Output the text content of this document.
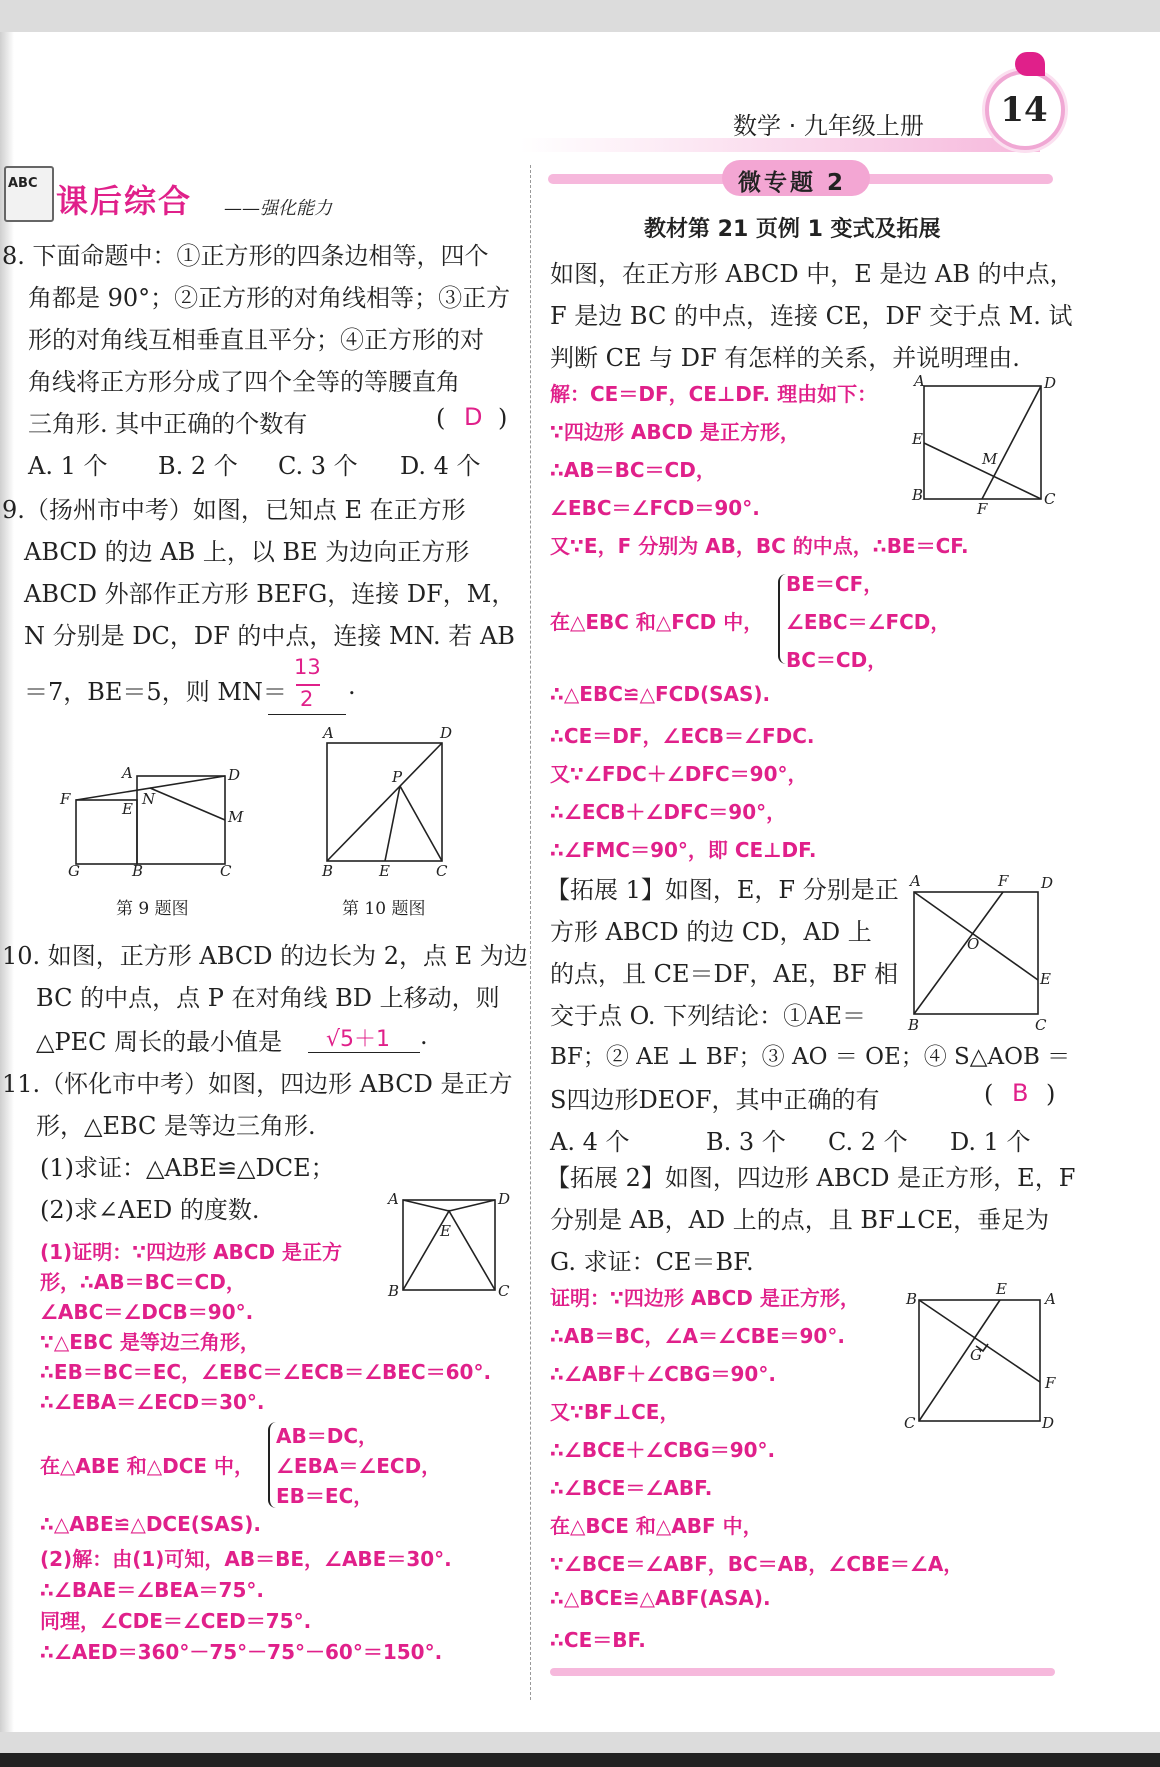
数学 · 九年级上册 14
ABC 课后综合 ——强化能力
8. 下面命题中：①正方形的四条边相等，四个
角都是 90°；②正方形的对角线相等；③正方
形的对角线互相垂直且平分；④正方形的对
角线将正方形分成了四个全等的等腰直角
三角形. 其中正确的个数有	( D )
A. 1 个 B. 2 个 C. 3 个 D. 4 个
9.（扬州市中考）如图，已知点 E 在正方形
ABCD 的边 AB 上，以 BE 为边向正方形
ABCD 外部作正方形 BEFG，连接 DF，M，
N 分别是 DC，DF 的中点，连接 MN. 若 AB
＝7，BE＝5，则 MN＝
13
2 .
A	D
F
E
N
M
G	B	C
第 9 题图
A	D
P
B	E	C
第 10 题图
10. 如图，正方形 ABCD 的边长为 2，点 E 为边
BC 的中点，点 P 在对角线 BD 上移动，则
△PEC 周长的最小值是 √5＋1 .
11.（怀化市中考）如图，四边形 ABCD 是正方
形，△EBC 是等边三角形.
(1)求证：△ABE≌△DCE；
(2)求∠AED 的度数.	A	D
E
B	C
(1)证明：∵四边形 ABCD 是正方
形，∴AB＝BC＝CD，
∠ABC＝∠DCB＝90°.
∵△EBC 是等边三角形，
∴EB＝BC＝EC，∠EBC＝∠ECB＝∠BEC＝60°.
∴∠EBA＝∠ECD＝30°.
在△ABE 和△DCE 中，
AB＝DC，
∠EBA＝∠ECD，
EB＝EC，
∴△ABE≌△DCE(SAS).
(2)解：由(1)可知，AB＝BE，∠ABE＝30°.
∴∠BAE＝∠BEA＝75°.
同理，∠CDE＝∠CED＝75°.
∴∠AED＝360°－75°－75°－60°＝150°.
微专题 2
教材第 21 页例 1 变式及拓展
如图，在正方形 ABCD 中，E 是边 AB 的中点，
F 是边 BC 的中点，连接 CE，DF 交于点 M. 试
判断 CE 与 DF 有怎样的关系，并说明理由.
解：CE＝DF，CE⊥DF. 理由如下：
∵四边形 ABCD 是正方形，
∴AB＝BC＝CD，
∠EBC＝∠FCD＝90°.
又∵E，F 分别为 AB，BC 的中点，∴BE＝CF.
A	D
E
M
B
F
C
在△EBC 和△FCD 中，
BE＝CF，
∠EBC＝∠FCD，
BC＝CD，
∴△EBC≌△FCD(SAS).
∴CE＝DF，∠ECB＝∠FDC.
又∵∠FDC＋∠DFC＝90°，
∴∠ECB＋∠DFC＝90°，
∴∠FMC＝90°，即 CE⊥DF.
【拓展 1】如图，E，F 分别是正
方形 ABCD 的边 CD，AD 上
的点，且 CE＝DF，AE，BF 相
交于点 O. 下列结论：①AE＝
BF；② AE ⊥ BF；③ AO ＝ OE；④ S△AOB ＝
S四边形DEOF，其中正确的有	( B )
A. 4 个	B. 3 个 C. 2 个 D. 1 个
A	F D
O
E
B	C
【拓展 2】如图，四边形 ABCD 是正方形，E，F
分别是 AB，AD 上的点，且 BF⊥CE，垂足为
G. 求证：CE＝BF.
B
E
A
G
F
C	D
证明：∵四边形 ABCD 是正方形，
∴AB＝BC，∠A＝∠CBE＝90°.
∴∠ABF＋∠CBG＝90°.
又∵BF⊥CE，
∴∠BCE＋∠CBG＝90°.
∴∠BCE＝∠ABF.
在△BCE 和△ABF 中，
∵∠BCE＝∠ABF，BC＝AB，∠CBE＝∠A，
∴△BCE≌△ABF(ASA).
∴CE＝BF.
